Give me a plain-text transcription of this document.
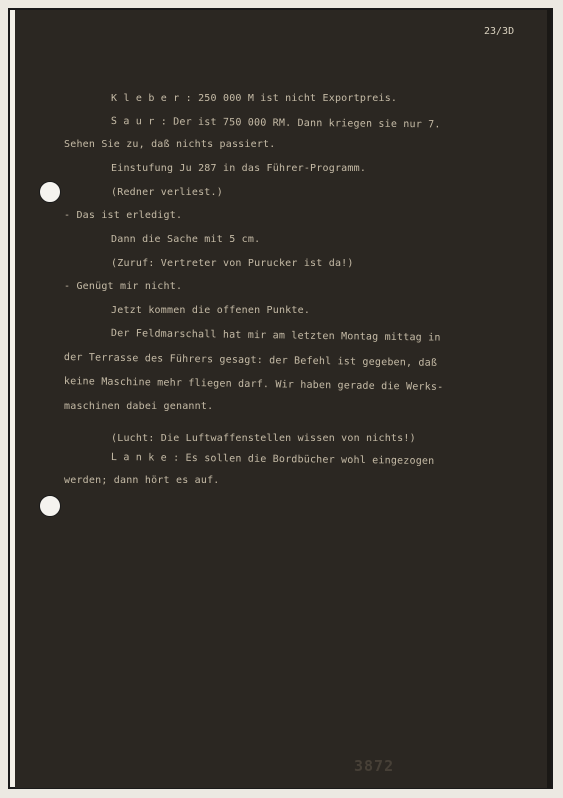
23/3D
K l e b e r : 250 000 M ist nicht Exportpreis.
S a u r : Der ist 750 000 RM. Dann kriegen sie nur 7.
Sehen Sie zu, daß nichts passiert.
Einstufung Ju 287 in das Führer-Programm.
(Redner verliest.)
- Das ist erledigt.
Dann die Sache mit 5 cm.
(Zuruf: Vertreter von Purucker ist da!)
- Genügt mir nicht.
Jetzt kommen die offenen Punkte.
Der Feldmarschall hat mir am letzten Montag mittag in
der Terrasse des Führers gesagt: der Befehl ist gegeben, daß
keine Maschine mehr fliegen darf. Wir haben gerade die Werks-
maschinen dabei genannt.
(Lucht: Die Luftwaffenstellen wissen von nichts!)
L a n k e : Es sollen die Bordbücher wohl eingezogen
werden; dann hört es auf.
3872
